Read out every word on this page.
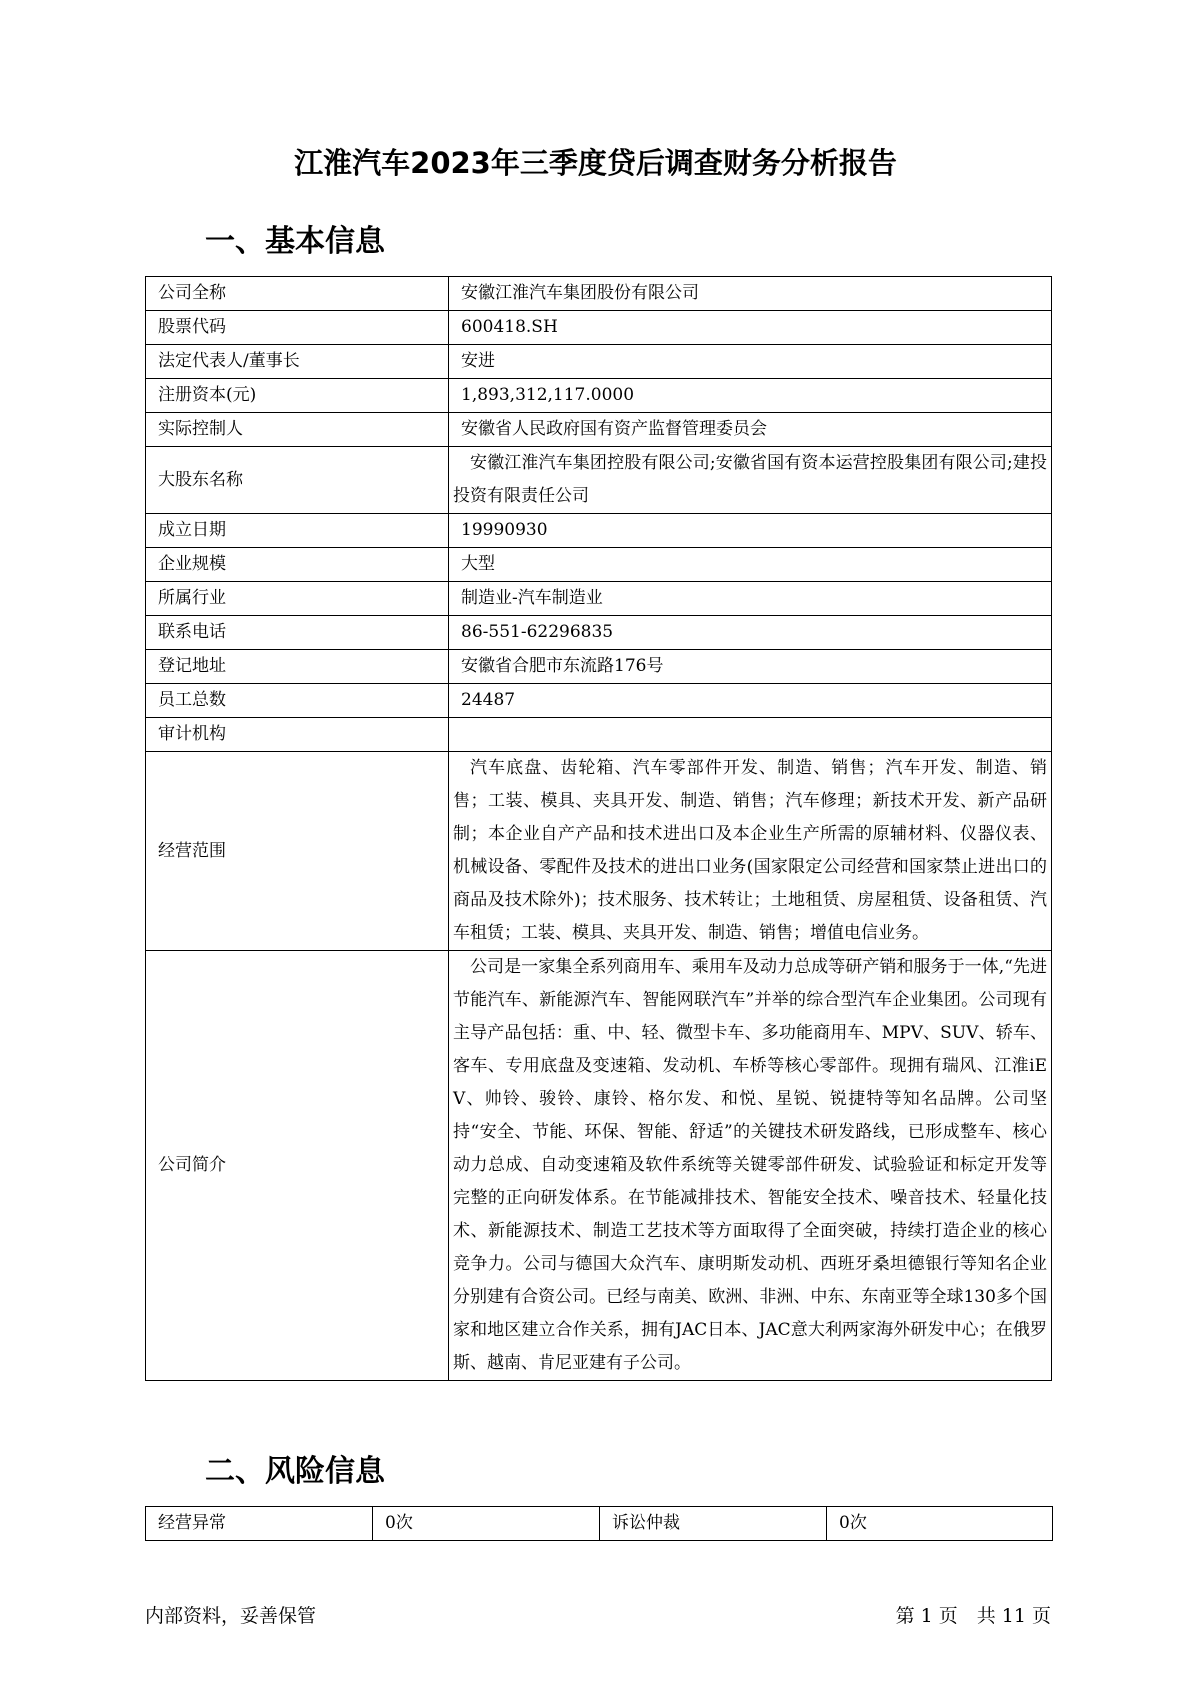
江淮汽车2023年三季度贷后调查财务分析报告
一、基本信息
公司全称	安徽江淮汽车集团股份有限公司
股票代码	600418.SH
法定代表人/董事长	安进
注册资本(元)	1,893,312,117.0000
实际控制人	安徽省人民政府国有资产监督管理委员会
大股东名称	安徽江淮汽车集团控股有限公司;安徽省国有资本运营控股集团有限公司;建投投资有限责任公司
成立日期	19990930
企业规模	大型
所属行业	制造业-汽车制造业
联系电话	86-551-62296835
登记地址	安徽省合肥市东流路176号
员工总数	24487
审计机构	
经营范围	汽车底盘、齿轮箱、汽车零部件开发、制造、销售；汽车开发、制造、销售；工装、模具、夹具开发、制造、销售；汽车修理；新技术开发、新产品研制；本企业自产产品和技术进出口及本企业生产所需的原辅材料、仪器仪表、机械设备、零配件及技术的进出口业务(国家限定公司经营和国家禁止进出口的商品及技术除外)；技术服务、技术转让；土地租赁、房屋租赁、设备租赁、汽车租赁；工装、模具、夹具开发、制造、销售；增值电信业务。
公司简介	公司是一家集全系列商用车、乘用车及动力总成等研产销和服务于一体,“先进节能汽车、新能源汽车、智能网联汽车”并举的综合型汽车企业集团。公司现有主导产品包括：重、中、轻、微型卡车、多功能商用车、MPV、SUV、轿车、客车、专用底盘及变速箱、发动机、车桥等核心零部件。现拥有瑞风、江淮iEV、帅铃、骏铃、康铃、格尔发、和悦、星锐、锐捷特等知名品牌。公司坚持“安全、节能、环保、智能、舒适”的关键技术研发路线，已形成整车、核心动力总成、自动变速箱及软件系统等关键零部件研发、试验验证和标定开发等完整的正向研发体系。在节能减排技术、智能安全技术、噪音技术、轻量化技术、新能源技术、制造工艺技术等方面取得了全面突破，持续打造企业的核心竞争力。公司与德国大众汽车、康明斯发动机、西班牙桑坦德银行等知名企业分别建有合资公司。已经与南美、欧洲、非洲、中东、东南亚等全球130多个国家和地区建立合作关系，拥有JAC日本、JAC意大利两家海外研发中心；在俄罗斯、越南、肯尼亚建有子公司。
二、风险信息
经营异常	0次	诉讼仲裁	0次
内部资料，妥善保管	第 1 页　共 11 页
